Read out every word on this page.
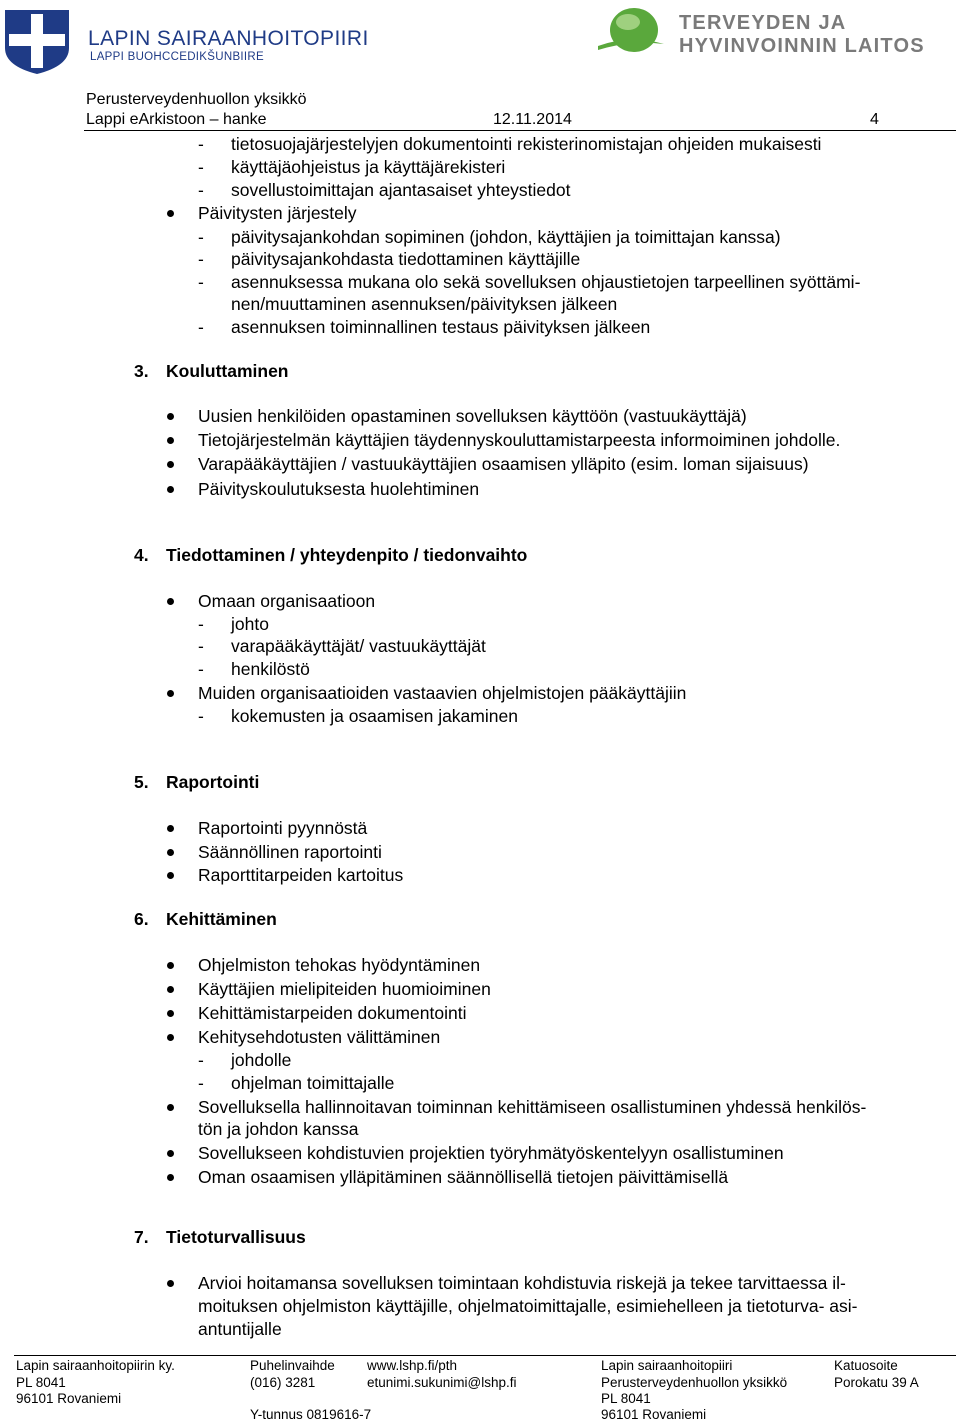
LAPIN SAIRAANHOITOPIIRI
LAPPI BUOHCCEDIKŠUNBIIRE
TERVEYDEN JA
HYVINVOINNIN LAITOS
Perusterveydenhuollon yksikkö
Lappi eArkistoon – hanke	12.11.2014	4
- tietosuojajärjestelyjen dokumentointi rekisterinomistajan ohjeiden mukaisesti
- käyttäjäohjeistus ja käyttäjärekisteri
- sovellustoimittajan ajantasaiset yhteystiedot
Päivitysten järjestely
- päivitysajankohdan sopiminen (johdon, käyttäjien ja toimittajan kanssa)
- päivitysajankohdasta tiedottaminen käyttäjille
- asennuksessa mukana olo sekä sovelluksen ohjaustietojen tarpeellinen syöttämi-
nen/muuttaminen asennuksen/päivityksen jälkeen
- asennuksen toiminnallinen testaus päivityksen jälkeen
3. Kouluttaminen
Uusien henkilöiden opastaminen sovelluksen käyttöön (vastuukäyttäjä)
Tietojärjestelmän käyttäjien täydennyskouluttamistarpeesta informoiminen johdolle.
Varapääkäyttäjien / vastuukäyttäjien osaamisen ylläpito (esim. loman sijaisuus)
Päivityskoulutuksesta huolehtiminen
4. Tiedottaminen / yhteydenpito / tiedonvaihto
Omaan organisaatioon
- johto
- varapääkäyttäjät/ vastuukäyttäjät
- henkilöstö
Muiden organisaatioiden vastaavien ohjelmistojen pääkäyttäjiin
- kokemusten ja osaamisen jakaminen
5. Raportointi
Raportointi pyynnöstä
Säännöllinen raportointi
Raporttitarpeiden kartoitus
6. Kehittäminen
Ohjelmiston tehokas hyödyntäminen
Käyttäjien mielipiteiden huomioiminen
Kehittämistarpeiden dokumentointi
Kehitysehdotusten välittäminen
- johdolle
- ohjelman toimittajalle
Sovelluksella hallinnoitavan toiminnan kehittämiseen osallistuminen yhdessä henkilös-
tön ja johdon kanssa
Sovellukseen kohdistuvien projektien työryhmätyöskentelyyn osallistuminen
Oman osaamisen ylläpitäminen säännöllisellä tietojen päivittämisellä
7. Tietoturvallisuus
Arvioi hoitamansa sovelluksen toimintaan kohdistuvia riskejä ja tekee tarvittaessa il-
moituksen ohjelmiston käyttäjille, ohjelmatoimittajalle, esimiehelleen ja tietoturva- asi-
antuntijalle
Lapin sairaanhoitopiirin ky.
PL 8041
96101 Rovaniemi
Puhelinvaihde
(016) 3281
Y-tunnus 0819616-7
www.lshp.fi/pth
etunimi.sukunimi@lshp.fi
Lapin sairaanhoitopiiri
Perusterveydenhuollon yksikkö
PL 8041
96101 Rovaniemi
Katuosoite
Porokatu 39 A
